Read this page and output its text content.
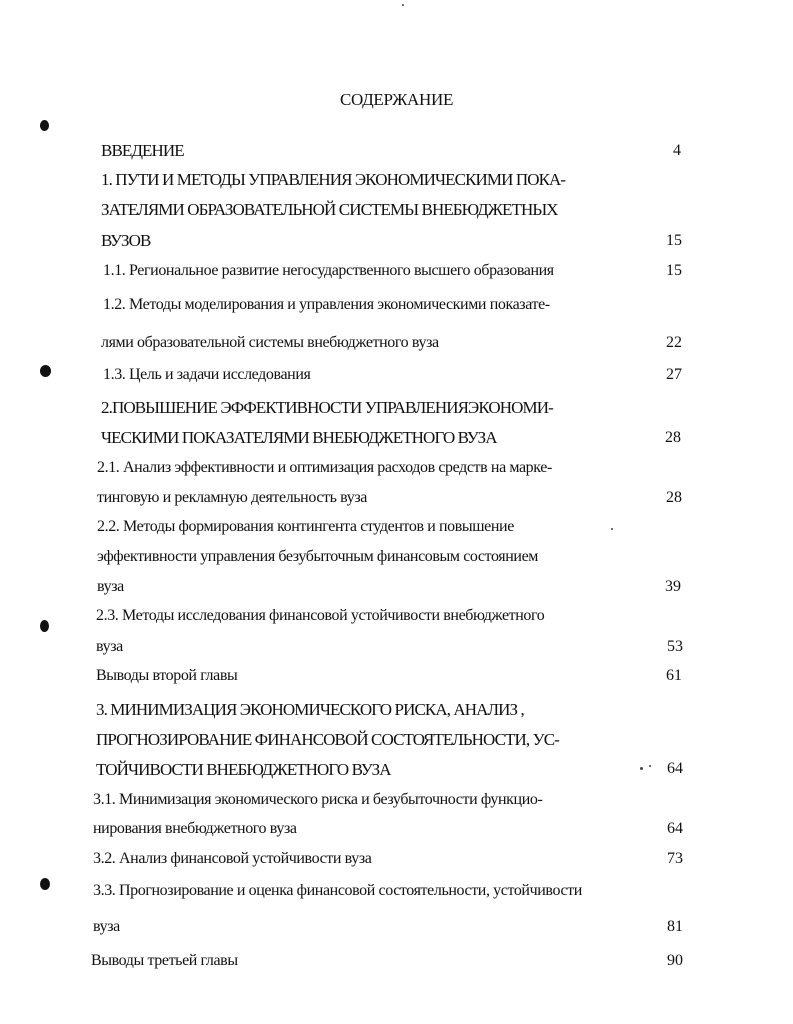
СОДЕРЖАНИЕ
ВВЕДЕНИЕ	4
1. ПУТИ И МЕТОДЫ УПРАВЛЕНИЯ ЭКОНОМИЧЕСКИМИ ПОКА-
ЗАТЕЛЯМИ ОБРАЗОВАТЕЛЬНОЙ СИСТЕМЫ ВНЕБЮДЖЕТНЫХ
ВУЗОВ	15
1.1. Региональное развитие негосударственного высшего образования	15
1.2. Методы моделирования и управления экономическими показате-
лями образовательной системы внебюджетного вуза	22
1.3. Цель и задачи исследования	27
2.ПОВЫШЕНИЕ ЭФФЕКТИВНОСТИ УПРАВЛЕНИЯЭКОНОМИ-
ЧЕСКИМИ ПОКАЗАТЕЛЯМИ ВНЕБЮДЖЕТНОГО ВУЗА	28
2.1. Анализ эффективности и оптимизация расходов средств на марке-
тинговую и рекламную деятельность вуза	28
2.2. Методы формирования контингента студентов и повышение
эффективности управления безубыточным финансовым состоянием
вуза	39
2.3. Методы исследования финансовой устойчивости внебюджетного
вуза	53
Выводы второй главы	61
3. МИНИМИЗАЦИЯ ЭКОНОМИЧЕСКОГО РИСКА, АНАЛИЗ ,
ПРОГНОЗИРОВАНИЕ ФИНАНСОВОЙ СОСТОЯТЕЛЬНОСТИ, УС-
ТОЙЧИВОСТИ ВНЕБЮДЖЕТНОГО ВУЗА	64
3.1. Минимизация экономического риска и безубыточности функцио-
нирования внебюджетного вуза	64
3.2. Анализ финансовой устойчивости вуза	73
3.3. Прогнозирование и оценка финансовой состоятельности, устойчивости
вуза	81
Выводы третьей главы	90
